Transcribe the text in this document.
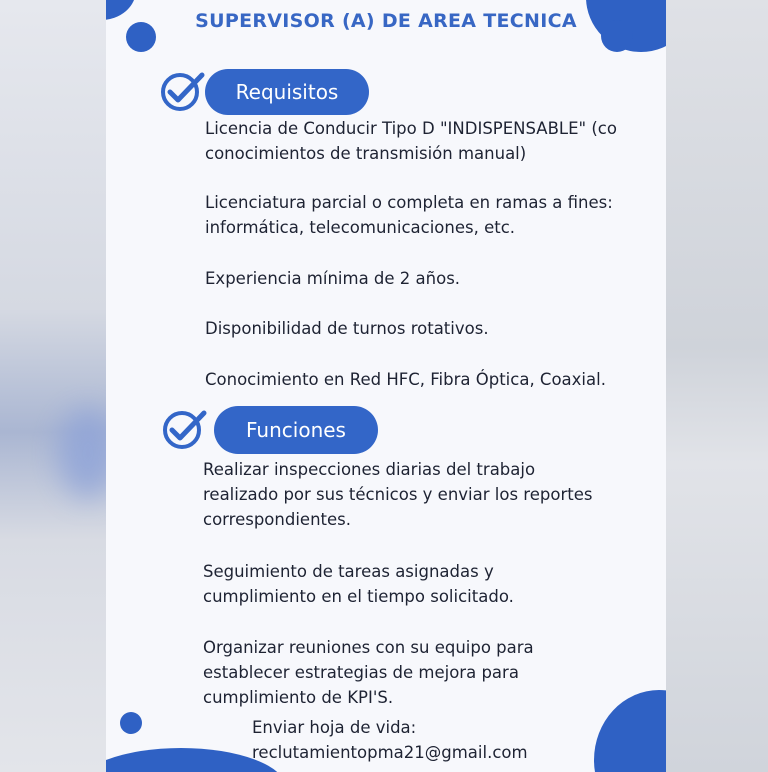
SUPERVISOR (A) DE AREA TECNICA
Requisitos
Licencia de Conducir Tipo D "INDISPENSABLE" (co
conocimientos de transmisión manual)
Licenciatura parcial o completa en ramas a fines:
informática, telecomunicaciones, etc.
Experiencia mínima de 2 años.
Disponibilidad de turnos rotativos.
Conocimiento en Red HFC, Fibra Óptica, Coaxial.
Funciones
Realizar inspecciones diarias del trabajo
realizado por sus técnicos y enviar los reportes
correspondientes.
Seguimiento de tareas asignadas y
cumplimiento en el tiempo solicitado.
Organizar reuniones con su equipo para
establecer estrategias de mejora para
cumplimiento de KPI'S.
Enviar hoja de vida:
reclutamientopma21@gmail.com
